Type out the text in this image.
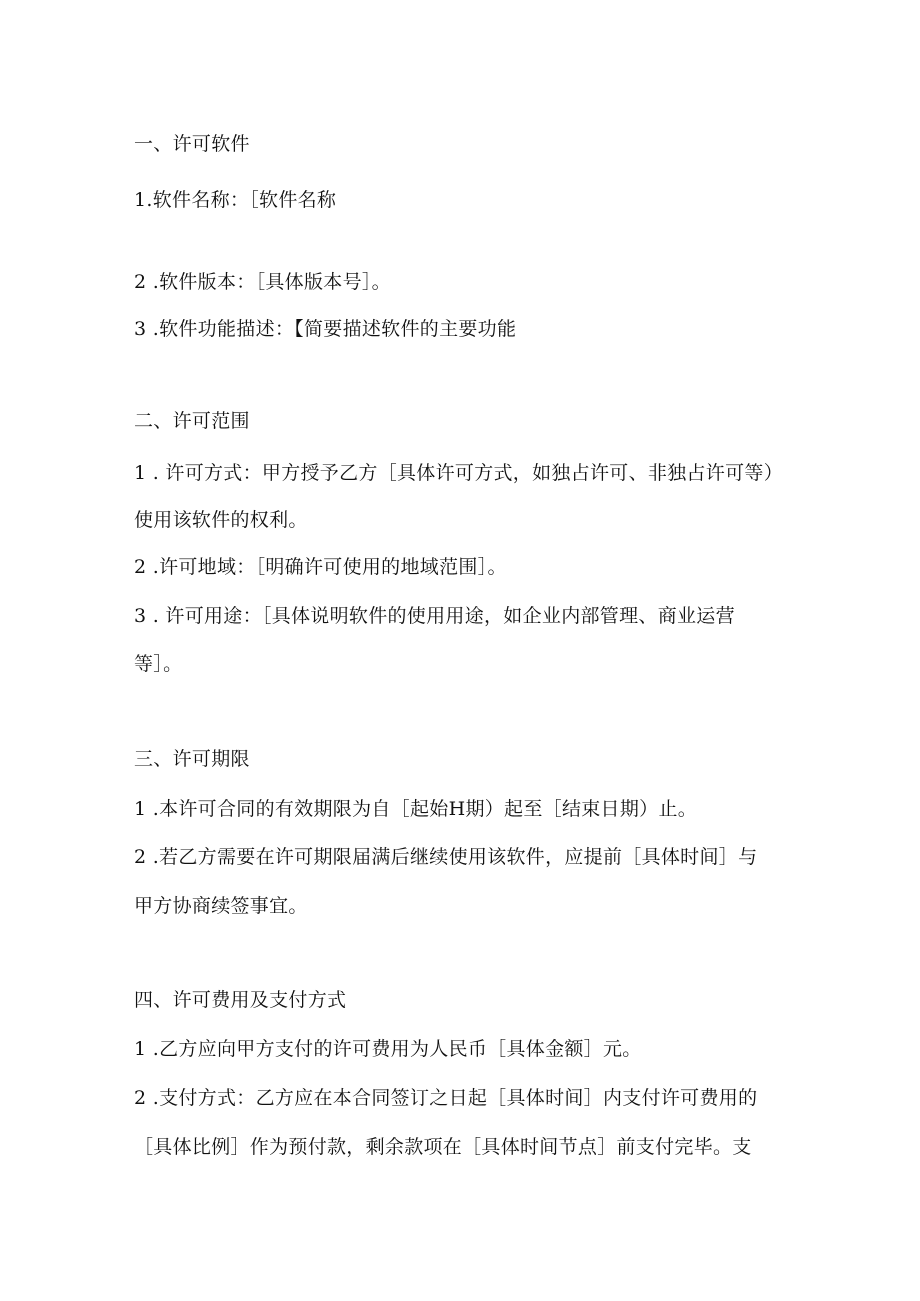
一、许可软件
1.软件名称：［软件名称
2 .软件版本：［具体版本号］。
3 .软件功能描述：【简要描述软件的主要功能
二、许可范围
1 . 许可方式：甲方授予乙方［具体许可方式，如独占许可、非独占许可等）
使用该软件的权利。
2 .许可地域：［明确许可使用的地域范围］。
3 . 许可用途：［具体说明软件的使用用途，如企业内部管理、商业运营
等］。
三、许可期限
1 .本许可合同的有效期限为自［起始H期）起至［结束日期）止。
2 .若乙方需要在许可期限届满后继续使用该软件，应提前［具体时间］与
甲方协商续签事宜。
四、许可费用及支付方式
1 .乙方应向甲方支付的许可费用为人民币［具体金额］元。
2 .支付方式：乙方应在本合同签订之日起［具体时间］内支付许可费用的
［具体比例］作为预付款，剩余款项在［具体时间节点］前支付完毕。支
